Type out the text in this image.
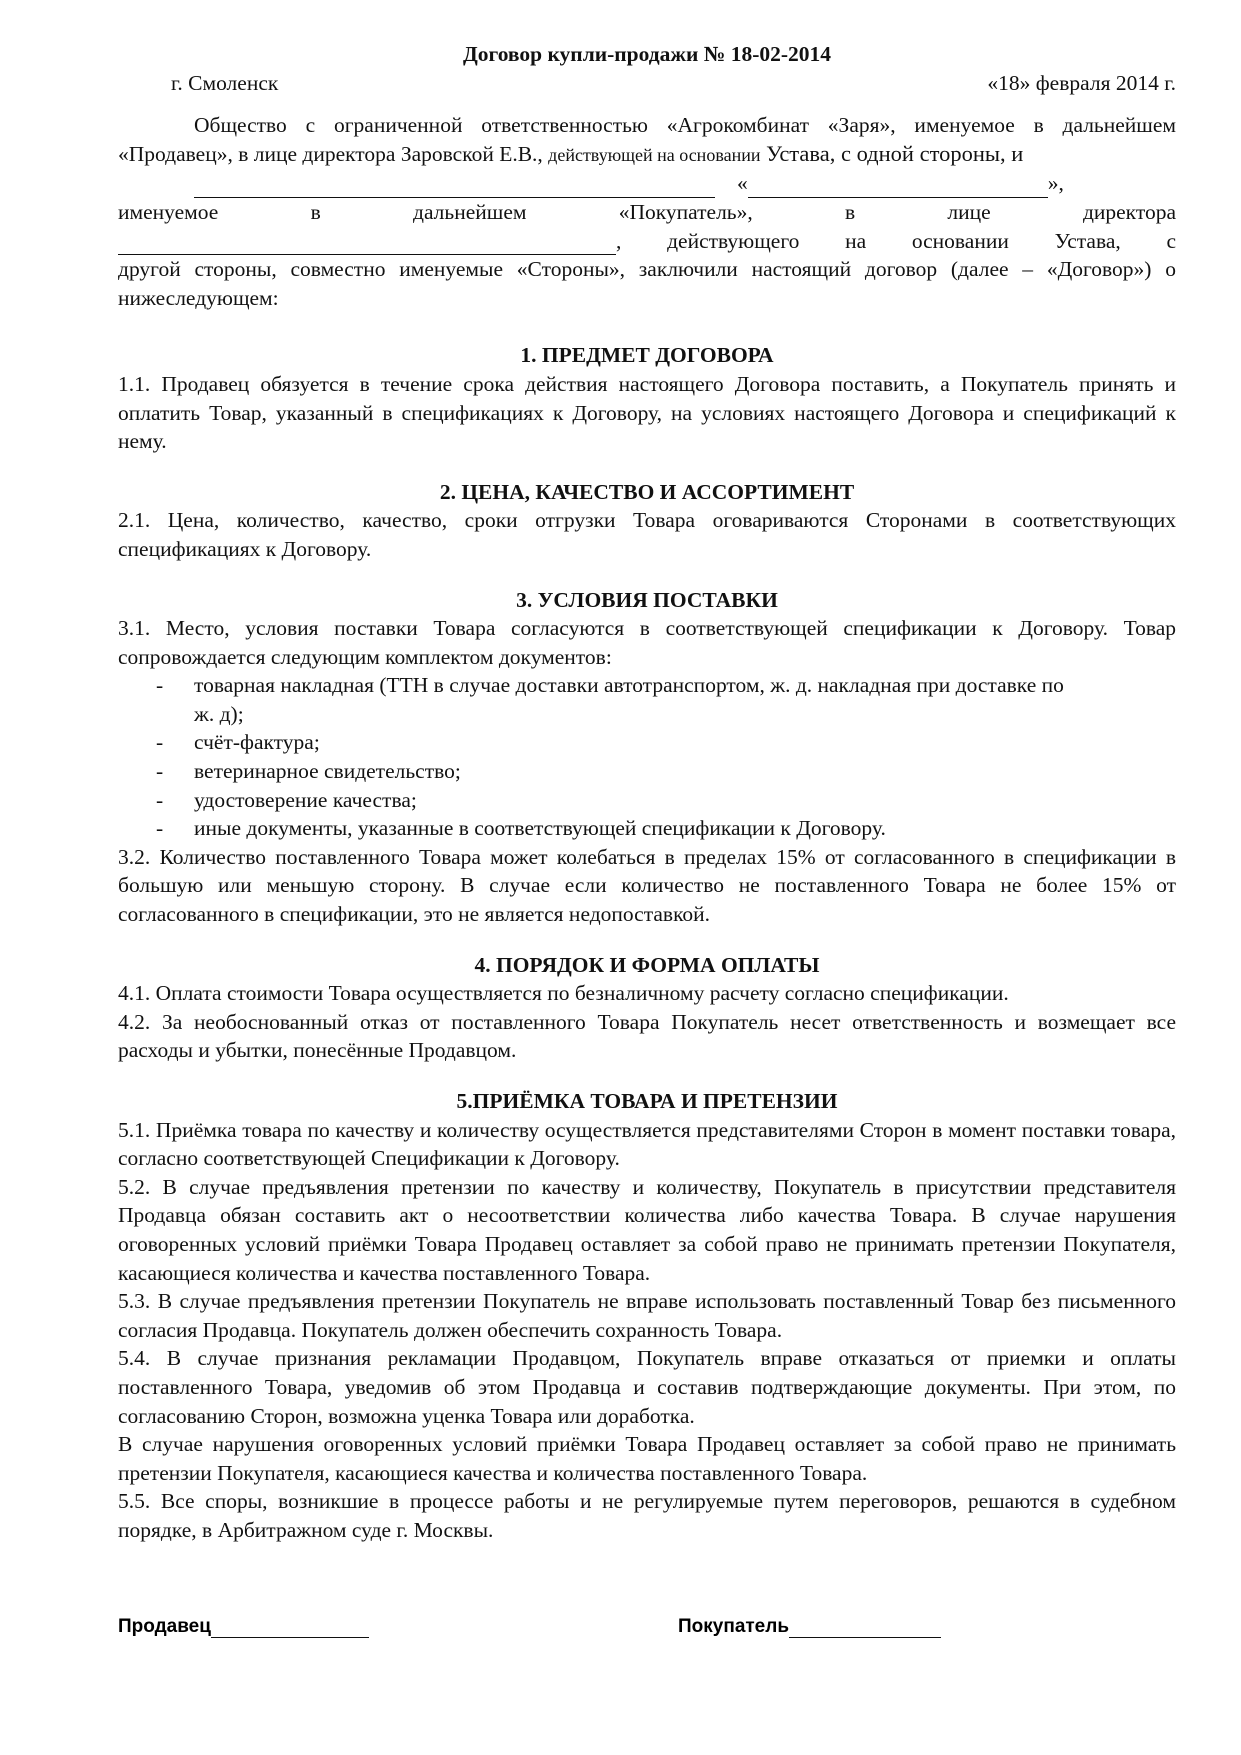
Договор купли-продажи № 18-02-2014
г. Смоленск	«18» февраля 2014 г.
Общество с ограниченной ответственностью «Агрокомбинат «Заря», именуемое в дальнейшем «Продавец», в лице директора Заровской Е.В., действующей на основании Устава, с одной стороны, и
«	»,
именуемое	в	дальнейшем	«Покупатель»,	в	лице	директора
, действующего на основании Устава, с
другой стороны, совместно именуемые «Стороны», заключили настоящий договор (далее – «Договор») о нижеследующем:
1. ПРЕДМЕТ ДОГОВОРА
1.1. Продавец обязуется в течение срока действия настоящего Договора поставить, а Покупатель принять и оплатить Товар, указанный в спецификациях к Договору, на условиях настоящего Договора и спецификаций к нему.
2. ЦЕНА, КАЧЕСТВО И АССОРТИМЕНТ
2.1. Цена, количество, качество, сроки отгрузки Товара оговариваются Сторонами в соответствующих спецификациях к Договору.
3. УСЛОВИЯ ПОСТАВКИ
3.1. Место, условия поставки Товара согласуются в соответствующей спецификации к Договору. Товар сопровождается следующим комплектом документов:
- товарная накладная (ТТН в случае доставки автотранспортом, ж. д. накладная при доставке по ж. д);
- счёт-фактура;
- ветеринарное свидетельство;
- удостоверение качества;
- иные документы, указанные в соответствующей спецификации к Договору.
3.2. Количество поставленного Товара может колебаться в пределах 15% от согласованного в спецификации в большую или меньшую сторону. В случае если количество не поставленного Товара не более 15% от согласованного в спецификации, это не является недопоставкой.
4. ПОРЯДОК И ФОРМА ОПЛАТЫ
4.1. Оплата стоимости Товара осуществляется по безналичному расчету согласно спецификации.
4.2. За необоснованный отказ от поставленного Товара Покупатель несет ответственность и возмещает все расходы и убытки, понесённые Продавцом.
5.ПРИЁМКА ТОВАРА И ПРЕТЕНЗИИ
5.1. Приёмка товара по качеству и количеству осуществляется представителями Сторон в момент поставки товара, согласно соответствующей Спецификации к Договору.
5.2. В случае предъявления претензии по качеству и количеству, Покупатель в присутствии представителя Продавца обязан составить акт о несоответствии количества либо качества Товара. В случае нарушения оговоренных условий приёмки Товара Продавец оставляет за собой право не принимать претензии Покупателя, касающиеся количества и качества поставленного Товара.
5.3. В случае предъявления претензии Покупатель не вправе использовать поставленный Товар без письменного согласия Продавца. Покупатель должен обеспечить сохранность Товара.
5.4. В случае признания рекламации Продавцом, Покупатель вправе отказаться от приемки и оплаты поставленного Товара, уведомив об этом Продавца и составив подтверждающие документы. При этом, по согласованию Сторон, возможна уценка Товара или доработка.
В случае нарушения оговоренных условий приёмки Товара Продавец оставляет за собой право не принимать претензии Покупателя, касающиеся качества и количества поставленного Товара.
5.5. Все споры, возникшие в процессе работы и не регулируемые путем переговоров, решаются в судебном порядке, в Арбитражном суде г. Москвы.
Продавец	Покупатель
